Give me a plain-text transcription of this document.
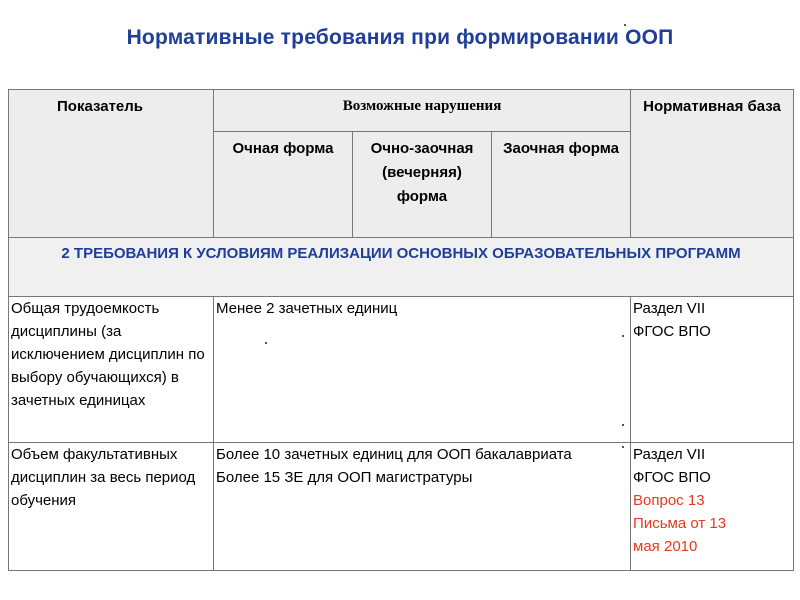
Нормативные требования при формировании ООП
Показатель	Возможные нарушения			Нормативная база
	Очная форма	Очно-заочная (вечерняя) форма	Заочная форма	
2 ТРЕБОВАНИЯ К УСЛОВИЯМ РЕАЛИЗАЦИИ ОСНОВНЫХ ОБРАЗОВАТЕЛЬНЫХ ПРОГРАММ				
Общая трудоемкость дисциплины (за исключением дисциплин по выбору обучающихся) в зачетных единицах	Менее 2 зачетных единиц			Раздел VII
ФГОС ВПО

Объем факультативных дисциплин за весь период обучения	Более 10 зачетных единиц для ООП бакалавриата
Более 15 ЗЕ для ООП магистратуры			Раздел VII
ФГОС ВПО
Вопрос 13
Письма от 13
мая 2010
